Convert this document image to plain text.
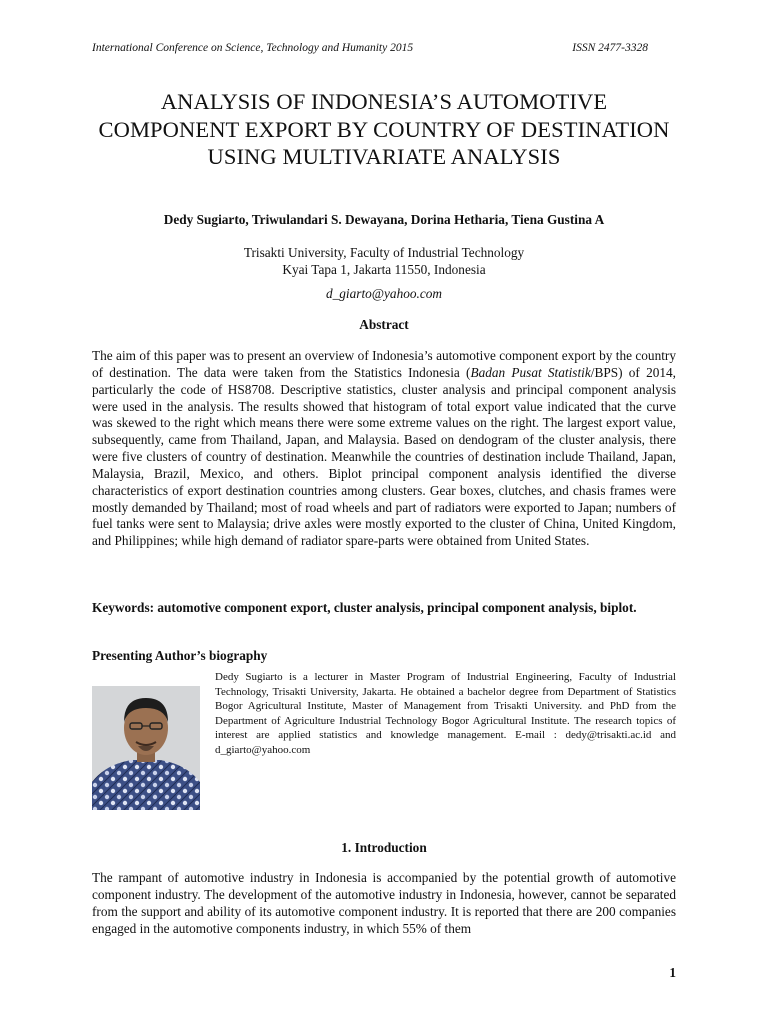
International Conference on Science, Technology and Humanity 2015	ISSN 2477-3328
ANALYSIS OF INDONESIA’S AUTOMOTIVE COMPONENT EXPORT BY COUNTRY OF DESTINATION USING MULTIVARIATE ANALYSIS
Dedy Sugiarto, Triwulandari S. Dewayana, Dorina Hetharia, Tiena Gustina A
Trisakti University, Faculty of Industrial Technology
Kyai Tapa 1, Jakarta 11550, Indonesia
d_giarto@yahoo.com
Abstract

The aim of this paper was to present an overview of Indonesia’s automotive component export by the country of destination. The data were taken from the Statistics Indonesia (Badan Pusat Statistik/BPS) of 2014, particularly the code of HS8708. Descriptive statistics, cluster analysis and principal component analysis were used in the analysis. The results showed that histogram of total export value indicated that the curve was skewed to the right which means there were some extreme values on the right. The largest export value, subsequently, came from Thailand, Japan, and Malaysia. Based on dendogram of the cluster analysis, there were five clusters of country of destination. Meanwhile the countries of destination include Thailand, Japan, Malaysia, Brazil, Mexico, and others. Biplot principal component analysis identified the diverse characteristics of export destination countries among clusters. Gear boxes, clutches, and chasis frames were mostly demanded by Thailand; most of road wheels and part of radiators were exported to Japan; numbers of fuel tanks were sent to Malaysia; drive axles were mostly exported to the cluster of China, United Kingdom, and Philippines; while high demand of radiator spare-parts were obtained from United States.

Keywords: automotive component export, cluster analysis, principal component analysis, biplot.

Presenting Author’s biography

Dedy Sugiarto is a lecturer in Master Program of Industrial Engineering, Faculty of Industrial Technology, Trisakti University, Jakarta. He obtained a bachelor degree from Department of Statistics Bogor Agricultural Institute, Master of Management from Trisakti University. and PhD from the Department of Agriculture Industrial Technology Bogor Agricultural Institute. The research topics of interest are applied statistics and knowledge management. E-mail : dedy@trisakti.ac.id and d_giarto@yahoo.com

1. Introduction

The rampant of automotive industry in Indonesia is accompanied by the potential growth of automotive component industry. The development of the automotive industry in Indonesia, however, cannot be separated from the support and ability of its automotive component industry. It is reported that there are 200 companies engaged in the automotive components industry, in which 55% of them

1
